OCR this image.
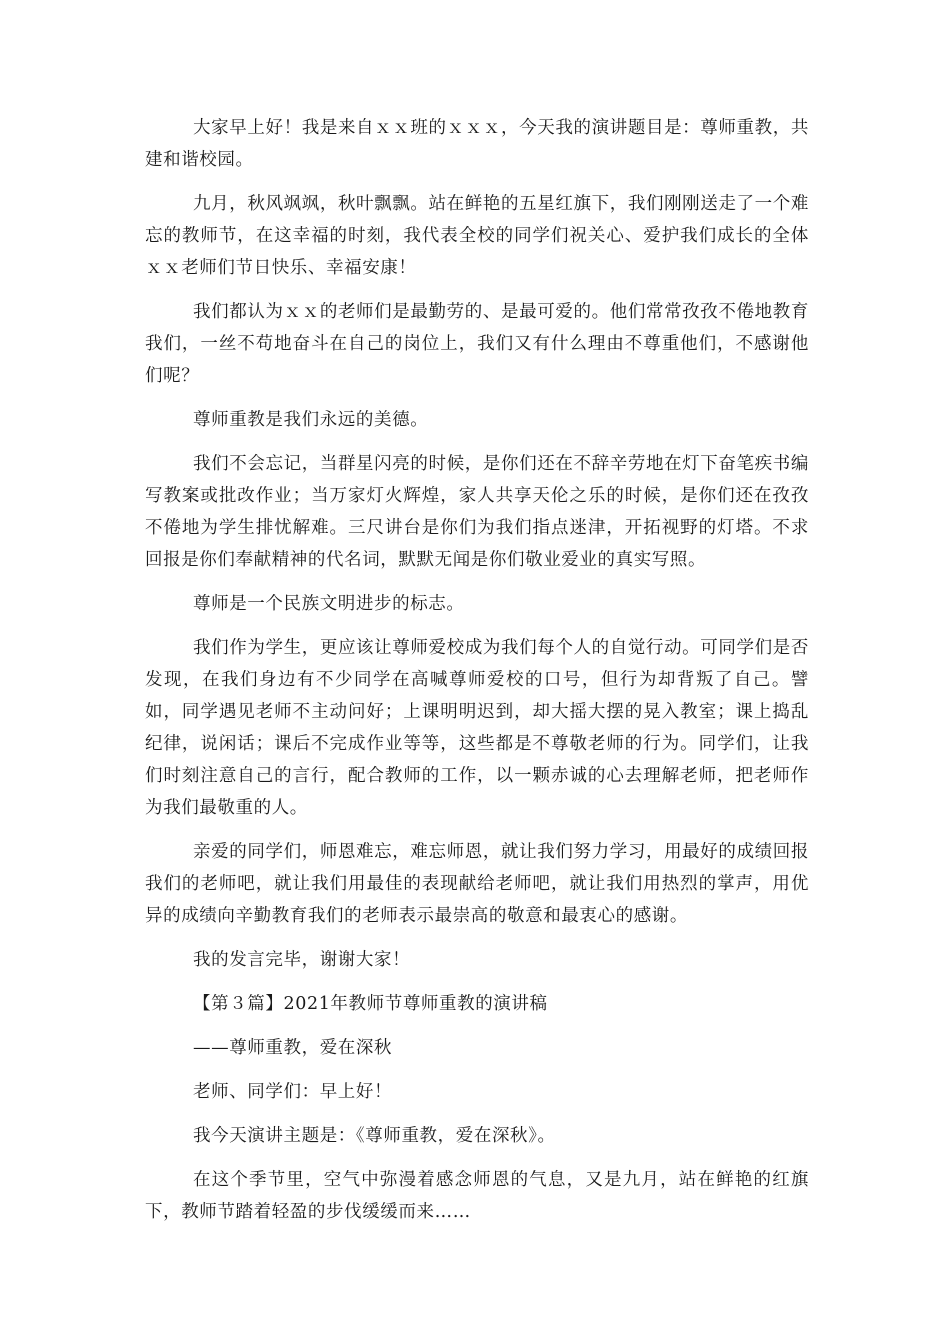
大家早上好！我是来自ｘｘ班的ｘｘｘ，今天我的演讲题目是：尊师重教，共建和谐校园。

九月，秋风飒飒，秋叶飘飘。站在鲜艳的五星红旗下，我们刚刚送走了一个难忘的教师节，在这幸福的时刻，我代表全校的同学们祝关心、爱护我们成长的全体ｘｘ老师们节日快乐、幸福安康！

我们都认为ｘｘ的老师们是最勤劳的、是最可爱的。他们常常孜孜不倦地教育我们，一丝不苟地奋斗在自己的岗位上，我们又有什么理由不尊重他们，不感谢他们呢？

尊师重教是我们永远的美德。

我们不会忘记，当群星闪亮的时候，是你们还在不辞辛劳地在灯下奋笔疾书编写教案或批改作业；当万家灯火辉煌，家人共享天伦之乐的时候，是你们还在孜孜不倦地为学生排忧解难。三尺讲台是你们为我们指点迷津，开拓视野的灯塔。不求回报是你们奉献精神的代名词，默默无闻是你们敬业爱业的真实写照。

尊师是一个民族文明进步的标志。

我们作为学生，更应该让尊师爱校成为我们每个人的自觉行动。可同学们是否发现，在我们身边有不少同学在高喊尊师爱校的口号，但行为却背叛了自己。譬如，同学遇见老师不主动问好；上课明明迟到，却大摇大摆的晃入教室；课上捣乱纪律，说闲话；课后不完成作业等等，这些都是不尊敬老师的行为。同学们，让我们时刻注意自己的言行，配合教师的工作，以一颗赤诚的心去理解老师，把老师作为我们最敬重的人。

亲爱的同学们，师恩难忘，难忘师恩，就让我们努力学习，用最好的成绩回报我们的老师吧，就让我们用最佳的表现献给老师吧，就让我们用热烈的掌声，用优异的成绩向辛勤教育我们的老师表示最崇高的敬意和最衷心的感谢。

我的发言完毕，谢谢大家！

【第３篇】2021年教师节尊师重教的演讲稿

——尊师重教，爱在深秋

老师、同学们：早上好！

我今天演讲主题是：《尊师重教，爱在深秋》。

在这个季节里，空气中弥漫着感念师恩的气息，又是九月，站在鲜艳的红旗下，教师节踏着轻盈的步伐缓缓而来……
